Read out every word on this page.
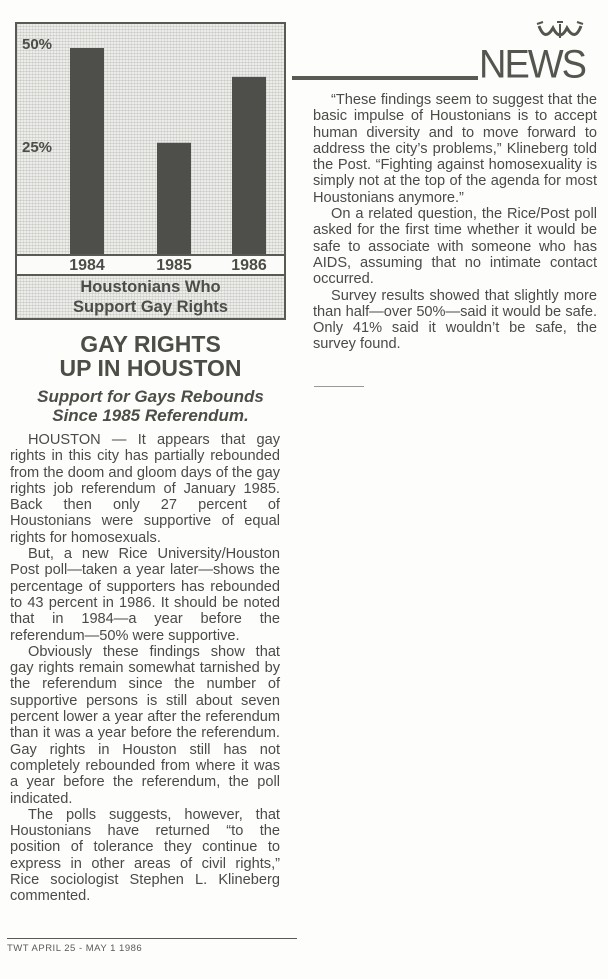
50%
25%
1984	1985 1986
Houstonians Who
Support Gay Rights
NEWS
GAY RIGHTS
UP IN HOUSTON
Support for Gays Rebounds
Since 1985 Referendum.

HOUSTON — It appears that gay rights in this city has partially rebounded from the doom and gloom days of the gay rights job referendum of January 1985. Back then only 27 percent of Houstonians were supportive of equal rights for homosexuals.

But, a new Rice University/Houston Post poll—taken a year later—shows the percentage of supporters has rebounded to 43 percent in 1986. It should be noted that in 1984—a year before the referendum—50% were supportive.

Obviously these findings show that gay rights remain somewhat tarnished by the referendum since the number of supportive persons is still about seven percent lower a year after the referendum than it was a year before the referendum. Gay rights in Houston still has not completely rebounded from where it was a year before the referendum, the poll indicated.

The polls suggests, however, that Houstonians have returned “to the position of tolerance they continue to express in other areas of civil rights,” Rice sociologist Stephen L. Klineberg commented.

“These findings seem to suggest that the basic impulse of Houstonians is to accept human diversity and to move forward to address the city’s problems,” Klineberg told the Post. “Fighting against homosexuality is simply not at the top of the agenda for most Houstonians anymore.”

On a related question, the Rice/Post poll asked for the first time whether it would be safe to associate with someone who has AIDS, assuming that no intimate contact occurred.

Survey results showed that slightly more than half—over 50%—said it would be safe. Only 41% said it wouldn’t be safe, the survey found.

TWT APRIL 25 - MAY 1 1986
